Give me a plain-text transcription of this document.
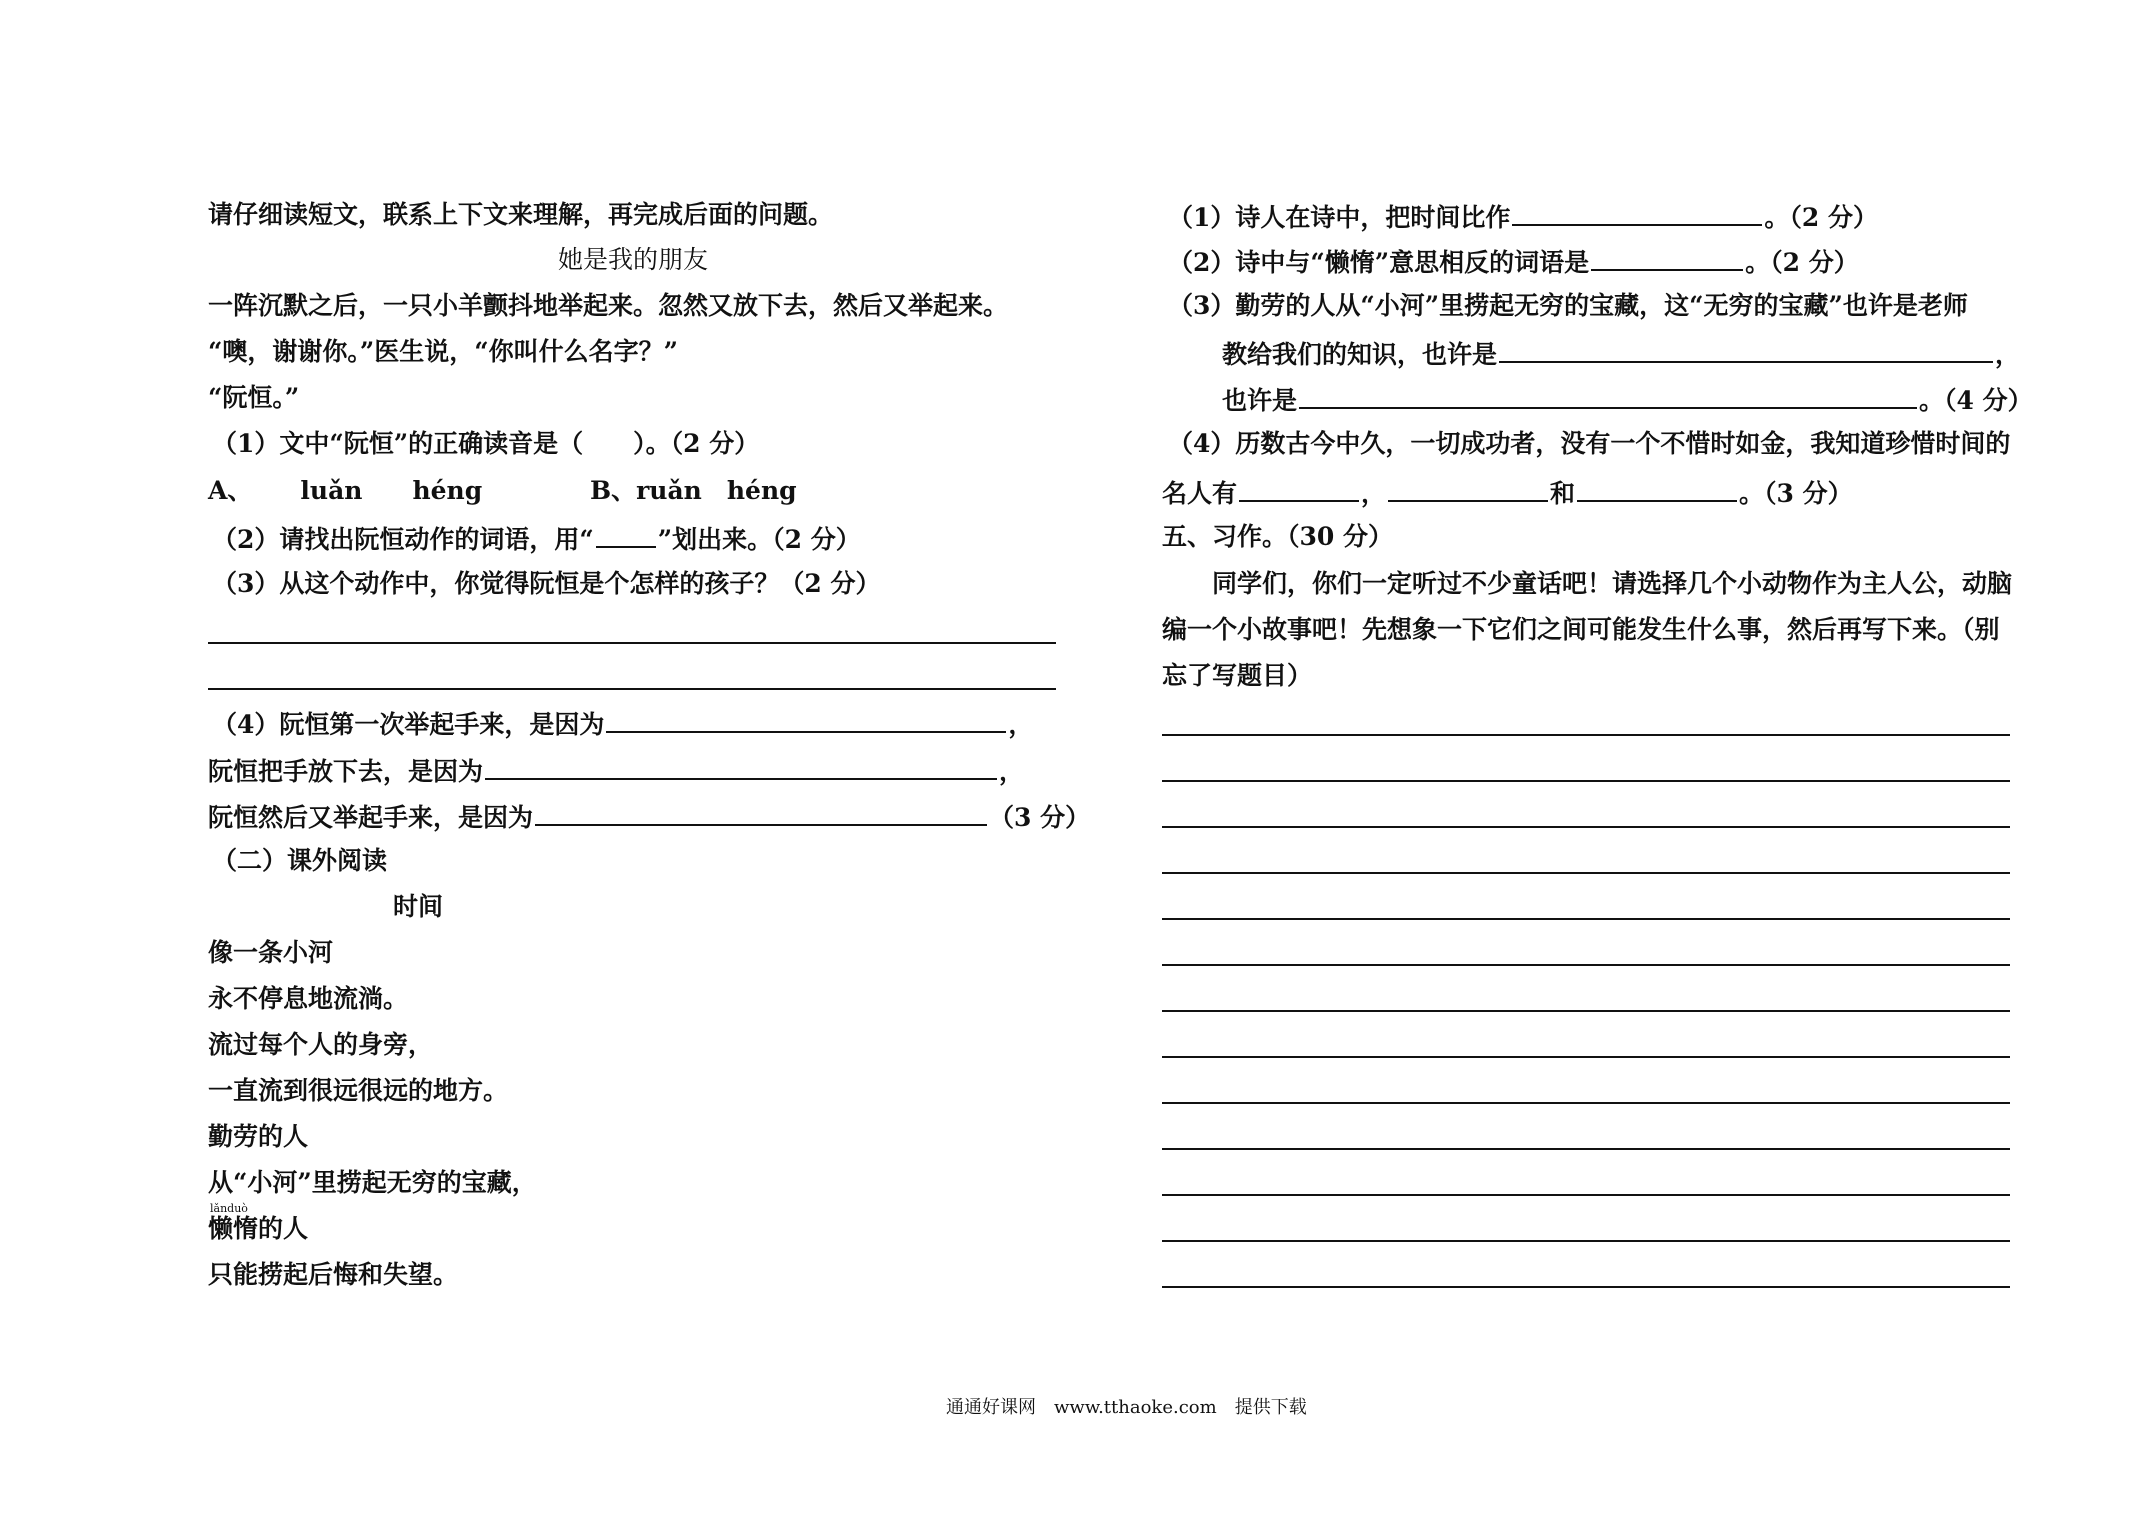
请仔细读短文，联系上下文来理解，再完成后面的问题。
她是我的朋友
一阵沉默之后，一只小羊颤抖地举起来。忽然又放下去，然后又举起来。
“噢，谢谢你。”医生说，“你叫什么名字？”
“阮恒。”
（1）文中“阮恒”的正确读音是（　　）。（2 分）
A、 luǎn　　héng	B、ruǎn　héng
（2）请找出阮恒动作的词语，用“	”划出来。（2 分）
（3）从这个动作中，你觉得阮恒是个怎样的孩子？（2 分）
（4）阮恒第一次举起手来，是因为	，
阮恒把手放下去，是因为	，
阮恒然后又举起手来，是因为	（3 分）
（二）课外阅读
时间
像一条小河
永不停息地流淌。
流过每个人的身旁，
一直流到很远很远的地方。
勤劳的人
从“小河”里捞起无穷的宝藏，
lǎnduò
懒惰的人
只能捞起后悔和失望。
（1）诗人在诗中，把时间比作	。（2 分）
（2）诗中与“懒惰”意思相反的词语是	。（2 分）
（3）勤劳的人从“小河”里捞起无穷的宝藏，这“无穷的宝藏”也许是老师
教给我们的知识，也许是	，
也许是	。（4 分）
（4）历数古今中久，一切成功者，没有一个不惜时如金，我知道珍惜时间的
名人有	，	和	。（3 分）
五、习作。（30 分）
同学们，你们一定听过不少童话吧！请选择几个小动物作为主人公，动脑
编一个小故事吧！先想象一下它们之间可能发生什么事，然后再写下来。（别
忘了写题目）
通通好课网　www.tthaoke.com　提供下载
